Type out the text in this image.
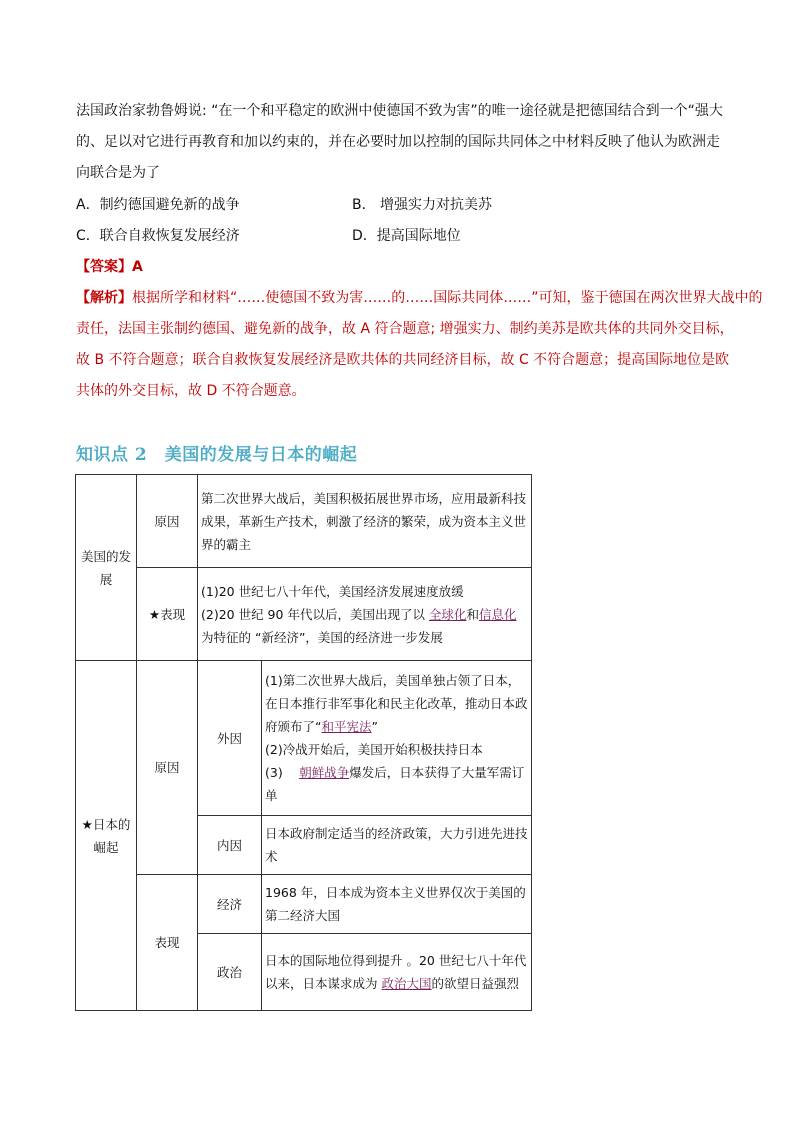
法国政治家勃鲁姆说: “在一个和平稳定的欧洲中使德国不致为害”的唯一途径就是把德国结合到一个“强大
的、足以对它进行再教育和加以约束的，并在必要时加以控制的国际共同体之中材料反映了他认为欧洲走
向联合是为了
A．制约德国避免新的战争	B． 增强实力对抗美苏
C．联合自救恢复发展经济	D．提高国际地位
【答案】A
【解析】根据所学和材料“……使德国不致为害……的……国际共同体……”可知，鉴于德国在两次世界大战中的
责任，法国主张制约德国、避免新的战争，故 A 符合题意; 增强实力、制约美苏是欧共体的共同外交目标，
故 B 不符合题意；联合自救恢复发展经济是欧共体的共同经济目标，故 C 不符合题意；提高国际地位是欧
共体的外交目标，故 D 不符合题意。
知识点 2　美国的发展与日本的崛起
美国的发展	原因	第二次世界大战后，美国积极拓展世界市场，应用最新科技成果，革新生产技术，刺激了经济的繁荣，成为资本主义世界的霸主	
	★表现	(1)20 世纪七八十年代，美国经济发展速度放缓
(2)20 世纪 90 年代以后，美国出现了以 全球化和信息化为特征的 “新经济”，美国的经济进一步发展	

★日本的崛起	原因	外因	(1)第二次世界大战后，美国单独占领了日本，在日本推行非军事化和民主化改革，推动日本政府颁布了“和平宪法”
(2)冷战开始后，美国开始积极扶持日本
(3)　 朝鲜战争爆发后，日本获得了大量军需订单

		内因	日本政府制定适当的经济政策，大力引进先进技术
	表现	经济	1968 年，日本成为资本主义世界仅次于美国的第二经济大国
		政治	日本的国际地位得到提升 。20 世纪七八十年代以来，日本谋求成为 政治大国的欲望日益强烈
